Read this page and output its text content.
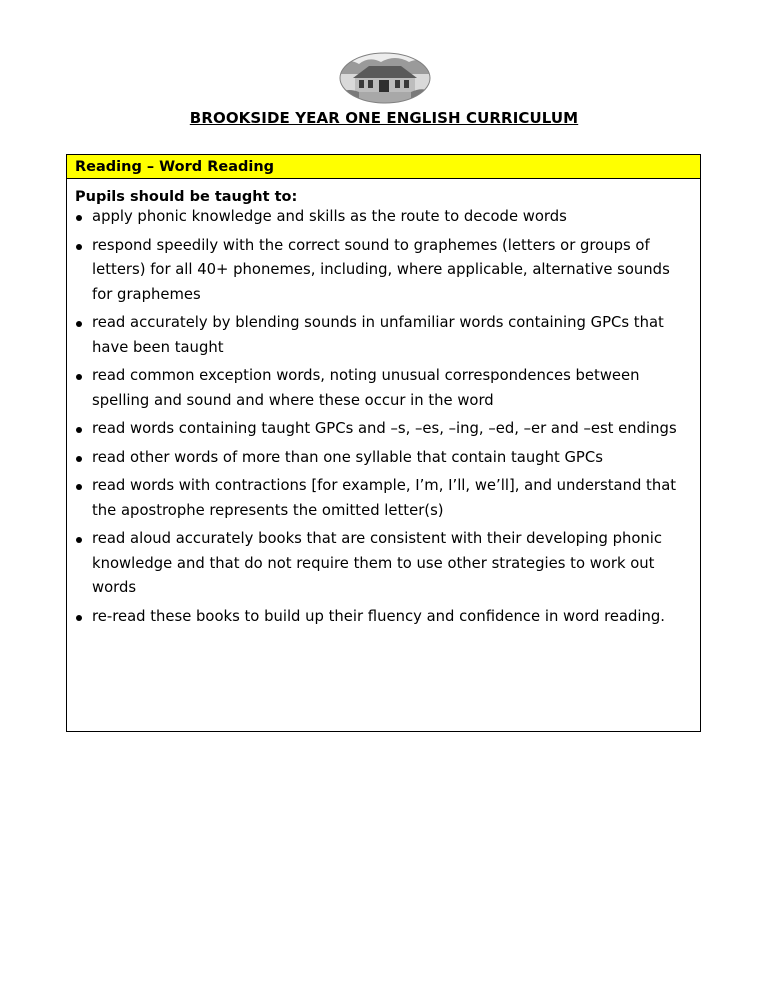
BROOKSIDE YEAR ONE ENGLISH CURRICULUM
Reading – Word Reading

Pupils should be taught to:

apply phonic knowledge and skills as the route to decode words
respond speedily with the correct sound to graphemes (letters or groups of letters) for all 40+ phonemes, including, where applicable, alternative sounds for graphemes
read accurately by blending sounds in unfamiliar words containing GPCs that have been taught
read common exception words, noting unusual correspondences between spelling and sound and where these occur in the word
read words containing taught GPCs and –s, –es, –ing, –ed, –er and –est endings
read other words of more than one syllable that contain taught GPCs
read words with contractions [for example, I’m, I’ll, we’ll], and understand that the apostrophe represents the omitted letter(s)
read aloud accurately books that are consistent with their developing phonic knowledge and that do not require them to use other strategies to work out words
re-read these books to build up their fluency and confidence in word reading.
